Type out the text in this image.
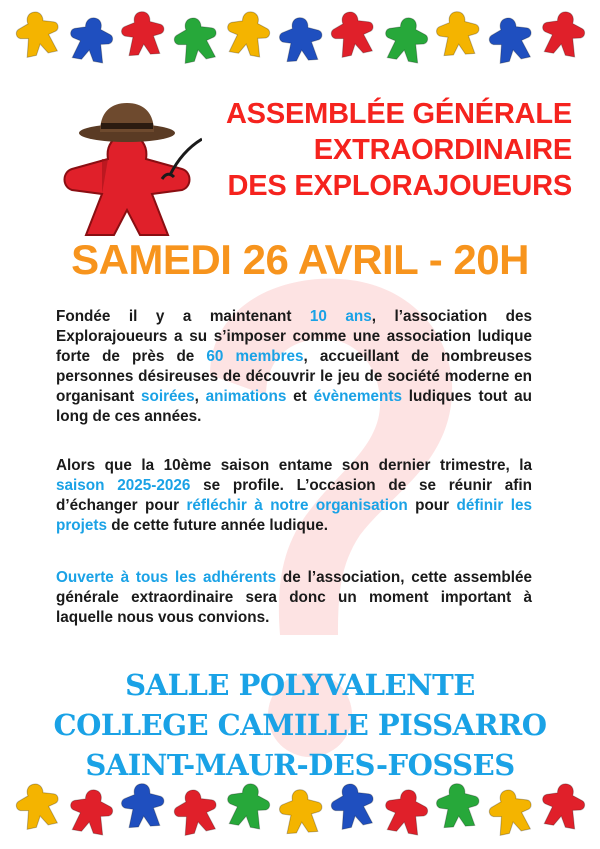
ASSEMBLÉE GÉNÉRALE
EXTRAORDINAIRE
DES EXPLORAJOUEURS
SAMEDI 26 AVRIL - 20H
Fondée il y a maintenant 10 ans, l’association des Explorajoueurs a su s’imposer comme une association ludique forte de près de 60 membres, accueillant de nombreuses personnes désireuses de découvrir le jeu de société moderne en organisant soirées, animations et évènements ludiques tout au long de ces années.
Alors que la 10ème saison entame son dernier trimestre, la saison 2025-2026 se profile. L’occasion de se réunir afin d’échanger pour réfléchir à notre organisation pour définir les projets de cette future année ludique.
Ouverte à tous les adhérents de l’association, cette assemblée générale extraordinaire sera donc un moment important à laquelle nous vous convions.
SALLE POLYVALENTE
COLLEGE CAMILLE PISSARRO
SAINT-MAUR-DES-FOSSES
